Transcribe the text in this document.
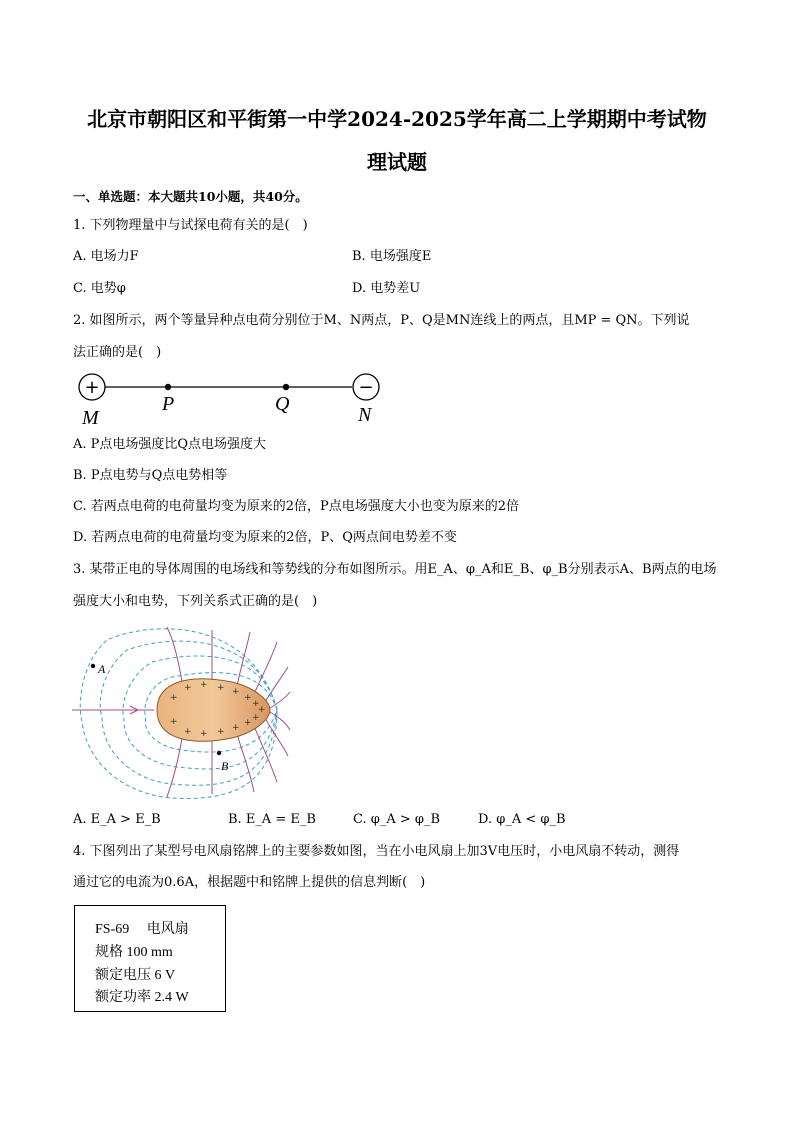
北京市朝阳区和平街第一中学2024-2025学年高二上学期期中考试物
理试题
一、单选题：本大题共10小题，共40分。
1. 下列物理量中与试探电荷有关的是(　)
A. 电场力F	B. 电场强度E
C. 电势φ	D. 电势差U
2. 如图所示，两个等量异种点电荷分别位于M、N两点，P、Q是MN连线上的两点，且MP = QN。下列说
法正确的是(　)
+	−
M
P	Q	N
A. P点电场强度比Q点电场强度大
B. P点电势与Q点电势相等
C. 若两点电荷的电荷量均变为原来的2倍，P点电场强度大小也变为原来的2倍
D. 若两点电荷的电荷量均变为原来的2倍，P、Q两点间电势差不变
3. 某带正电的导体周围的电场线和等势线的分布如图所示。用E_A、φ_A和E_B、φ_B分别表示A、B两点的电场
强度大小和电势，下列关系式正确的是(　)
+
+ + + +
+
+
+
+
+
+
+
+
+
+
A
B
A. E_A > E_B	B. E_A = E_B	C. φ_A > φ_B	D. φ_A < φ_B
4. 下图列出了某型号电风扇铭牌上的主要参数如图，当在小电风扇上加3V电压时，小电风扇不转动，测得
通过它的电流为0.6A，根据题中和铭牌上提供的信息判断(　)
FS-69　 电风扇
规格 100 mm
额定电压 6 V
额定功率 2.4 W
